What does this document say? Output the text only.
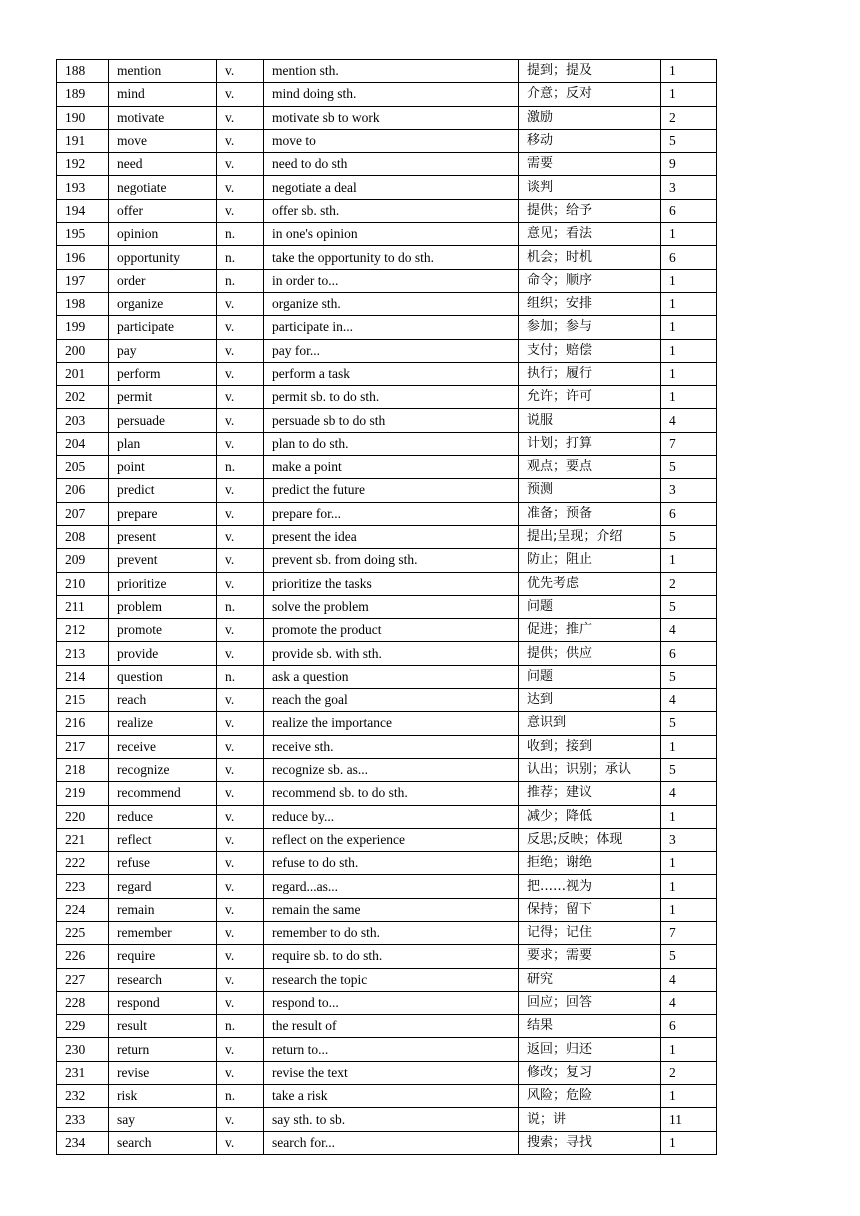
188	mention	v.	mention sth.	提到；提及	1
189	mind	v.	mind doing sth.	介意；反对	1
190	motivate	v.	motivate sb to work	激励	2
191	move	v.	move to	移动	5
192	need	v.	need to do sth	需要	9
193	negotiate	v.	negotiate a deal	谈判	3
194	offer	v.	offer sb. sth.	提供；给予	6
195	opinion	n.	in one's opinion	意见；看法	1
196	opportunity	n.	take the opportunity to do sth.	机会；时机	6
197	order	n.	in order to...	命令；顺序	1
198	organize	v.	organize sth.	组织；安排	1
199	participate	v.	participate in...	参加；参与	1
200	pay	v.	pay for...	支付；赔偿	1
201	perform	v.	perform a task	执行；履行	1
202	permit	v.	permit sb. to do sth.	允许；许可	1
203	persuade	v.	persuade sb to do sth	说服	4
204	plan	v.	plan to do sth.	计划；打算	7
205	point	n.	make a point	观点；要点	5
206	predict	v.	predict the future	预测	3
207	prepare	v.	prepare for...	准备；预备	6
208	present	v.	present the idea	提出;呈现；介绍	5
209	prevent	v.	prevent sb. from doing sth.	防止；阻止	1
210	prioritize	v.	prioritize the tasks	优先考虑	2
211	problem	n.	solve the problem	问题	5
212	promote	v.	promote the product	促进；推广	4
213	provide	v.	provide sb. with sth.	提供；供应	6
214	question	n.	ask a question	问题	5
215	reach	v.	reach the goal	达到	4
216	realize	v.	realize the importance	意识到	5
217	receive	v.	receive sth.	收到；接到	1
218	recognize	v.	recognize sb. as...	认出；识别；承认	5
219	recommend	v.	recommend sb. to do sth.	推荐；建议	4
220	reduce	v.	reduce by...	减少；降低	1
221	reflect	v.	reflect on the experience	反思;反映；体现	3
222	refuse	v.	refuse to do sth.	拒绝；谢绝	1
223	regard	v.	regard...as...	把……视为	1
224	remain	v.	remain the same	保持；留下	1
225	remember	v.	remember to do sth.	记得；记住	7
226	require	v.	require sb. to do sth.	要求；需要	5
227	research	v.	research the topic	研究	4
228	respond	v.	respond to...	回应；回答	4
229	result	n.	the result of	结果	6
230	return	v.	return to...	返回；归还	1
231	revise	v.	revise the text	修改；复习	2
232	risk	n.	take a risk	风险；危险	1
233	say	v.	say sth. to sb.	说；讲	11
234	search	v.	search for...	搜索；寻找	1
